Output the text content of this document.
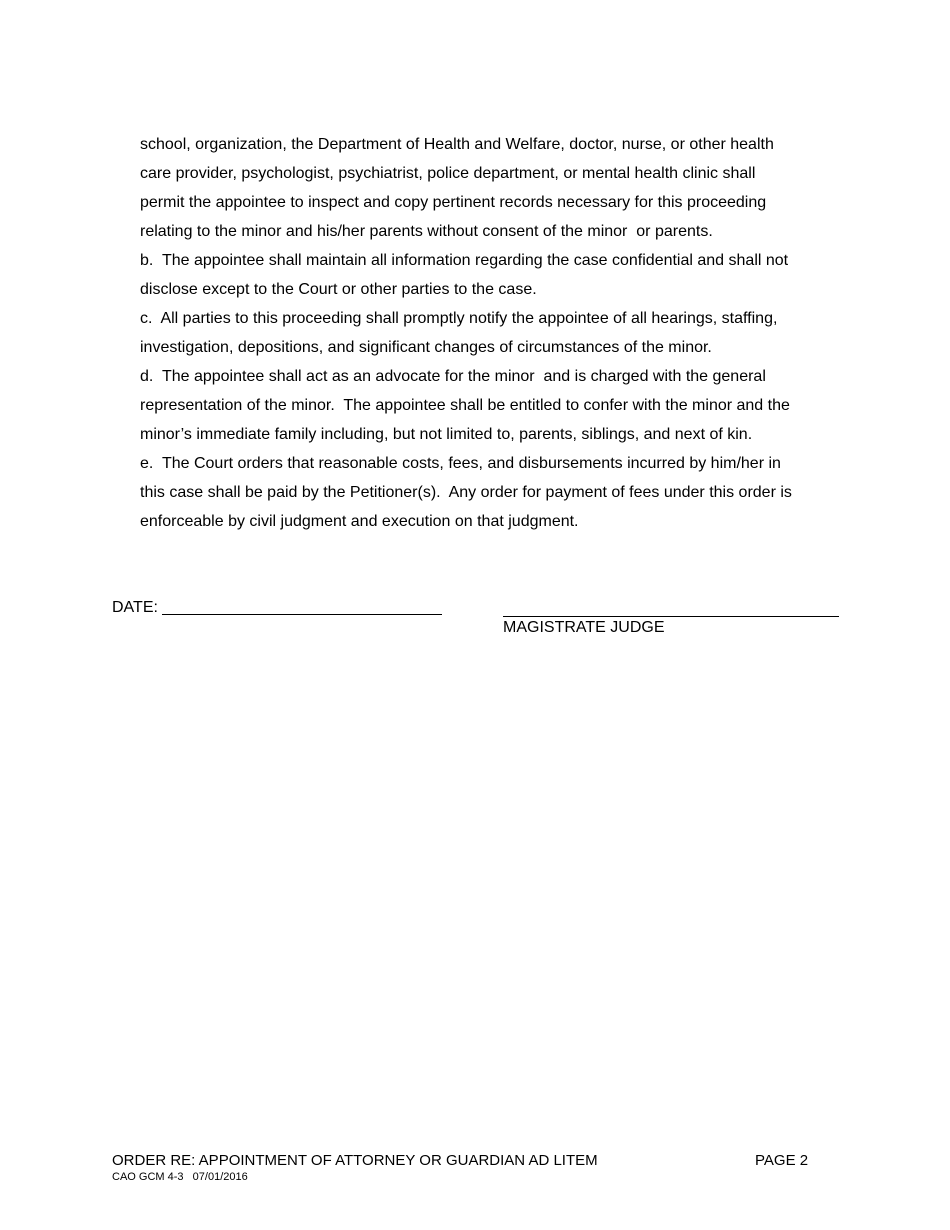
school, organization, the Department of Health and Welfare, doctor, nurse, or other health
care provider, psychologist, psychiatrist, police department, or mental health clinic shall
permit the appointee to inspect and copy pertinent records necessary for this proceeding
relating to the minor and his/her parents without consent of the minor  or parents.
b.  The appointee shall maintain all information regarding the case confidential and shall not
disclose except to the Court or other parties to the case.
c.  All parties to this proceeding shall promptly notify the appointee of all hearings, staffing,
investigation, depositions, and significant changes of circumstances of the minor.
d.  The appointee shall act as an advocate for the minor  and is charged with the general
representation of the minor.  The appointee shall be entitled to confer with the minor and the
minor’s immediate family including, but not limited to, parents, siblings, and next of kin.
e.  The Court orders that reasonable costs, fees, and disbursements incurred by him/her in
this case shall be paid by the Petitioner(s).  Any order for payment of fees under this order is
enforceable by civil judgment and execution on that judgment.
DATE:
MAGISTRATE JUDGE
ORDER RE: APPOINTMENT OF ATTORNEY OR GUARDIAN AD LITEM	PAGE 2
CAO GCM 4-3   07/01/2016
